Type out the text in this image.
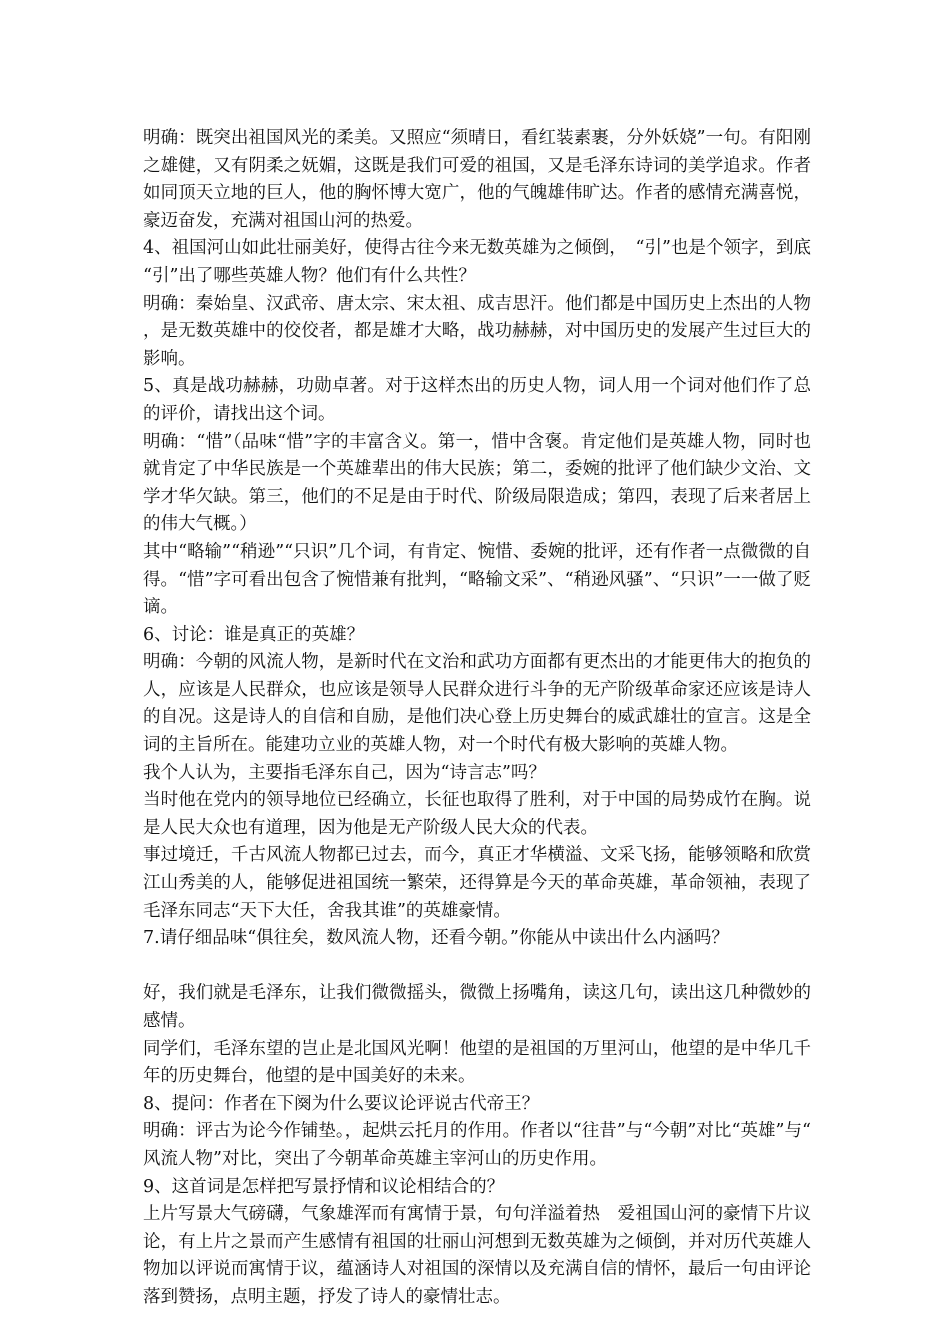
明确：既突出祖国风光的柔美。又照应“须晴日，看红装素裹，分外妖娆”一句。有阳刚之雄健，又有阴柔之妩媚，这既是我们可爱的祖国，又是毛泽东诗词的美学追求。作者如同顶天立地的巨人，他的胸怀博大宽广，他的气魄雄伟旷达。作者的感情充满喜悦，豪迈奋发，充满对祖国山河的热爱。

4、祖国河山如此壮丽美好，使得古往今来无数英雄为之倾倒，　“引”也是个领字，到底“引”出了哪些英雄人物？他们有什么共性？

明确：秦始皇、汉武帝、唐太宗、宋太祖、成吉思汗。他们都是中国历史上杰出的人物，是无数英雄中的佼佼者，都是雄才大略，战功赫赫，对中国历史的发展产生过巨大的影响。

5、真是战功赫赫，功勋卓著。对于这样杰出的历史人物，词人用一个词对他们作了总的评价，请找出这个词。

明确：“惜”（品味“惜”字的丰富含义。第一，惜中含褒。肯定他们是英雄人物，同时也就肯定了中华民族是一个英雄辈出的伟大民族；第二，委婉的批评了他们缺少文治、文学才华欠缺。第三，他们的不足是由于时代、阶级局限造成；第四，表现了后来者居上的伟大气概。）

其中“略输”“稍逊”“只识”几个词，有肯定、惋惜、委婉的批评，还有作者一点微微的自得。“惜”字可看出包含了惋惜兼有批判，“略输文采”、“稍逊风骚”、“只识”一一做了贬谪。

6、讨论：谁是真正的英雄？

明确：今朝的风流人物，是新时代在文治和武功方面都有更杰出的才能更伟大的抱负的人，应该是人民群众，也应该是领导人民群众进行斗争的无产阶级革命家还应该是诗人的自况。这是诗人的自信和自励，是他们决心登上历史舞台的威武雄壮的宣言。这是全词的主旨所在。能建功立业的英雄人物，对一个时代有极大影响的英雄人物。

我个人认为，主要指毛泽东自己，因为“诗言志”吗？

当时他在党内的领导地位已经确立，长征也取得了胜利，对于中国的局势成竹在胸。说是人民大众也有道理，因为他是无产阶级人民大众的代表。

事过境迁，千古风流人物都已过去，而今，真正才华横溢、文采飞扬，能够领略和欣赏江山秀美的人，能够促进祖国统一繁荣，还得算是今天的革命英雄，革命领袖，表现了毛泽东同志“天下大任，舍我其谁”的英雄豪情。

7.请仔细品味“俱往矣，数风流人物，还看今朝。”你能从中读出什么内涵吗？

好，我们就是毛泽东，让我们微微摇头，微微上扬嘴角，读这几句，读出这几种微妙的感情。

同学们，毛泽东望的岂止是北国风光啊！他望的是祖国的万里河山，他望的是中华几千年的历史舞台，他望的是中国美好的未来。

8、提问：作者在下阕为什么要议论评说古代帝王？

明确：评古为论今作铺垫。，起烘云托月的作用。作者以“往昔”与“今朝”对比“英雄”与“风流人物”对比，突出了今朝革命英雄主宰河山的历史作用。

9、这首词是怎样把写景抒情和议论相结合的？

上片写景大气磅礴，气象雄浑而有寓情于景，句句洋溢着热　爱祖国山河的豪情下片议论，有上片之景而产生感情有祖国的壮丽山河想到无数英雄为之倾倒，并对历代英雄人物加以评说而寓情于议，蕴涵诗人对祖国的深情以及充满自信的情怀，最后一句由评论落到赞扬，点明主题，抒发了诗人的豪情壮志。
